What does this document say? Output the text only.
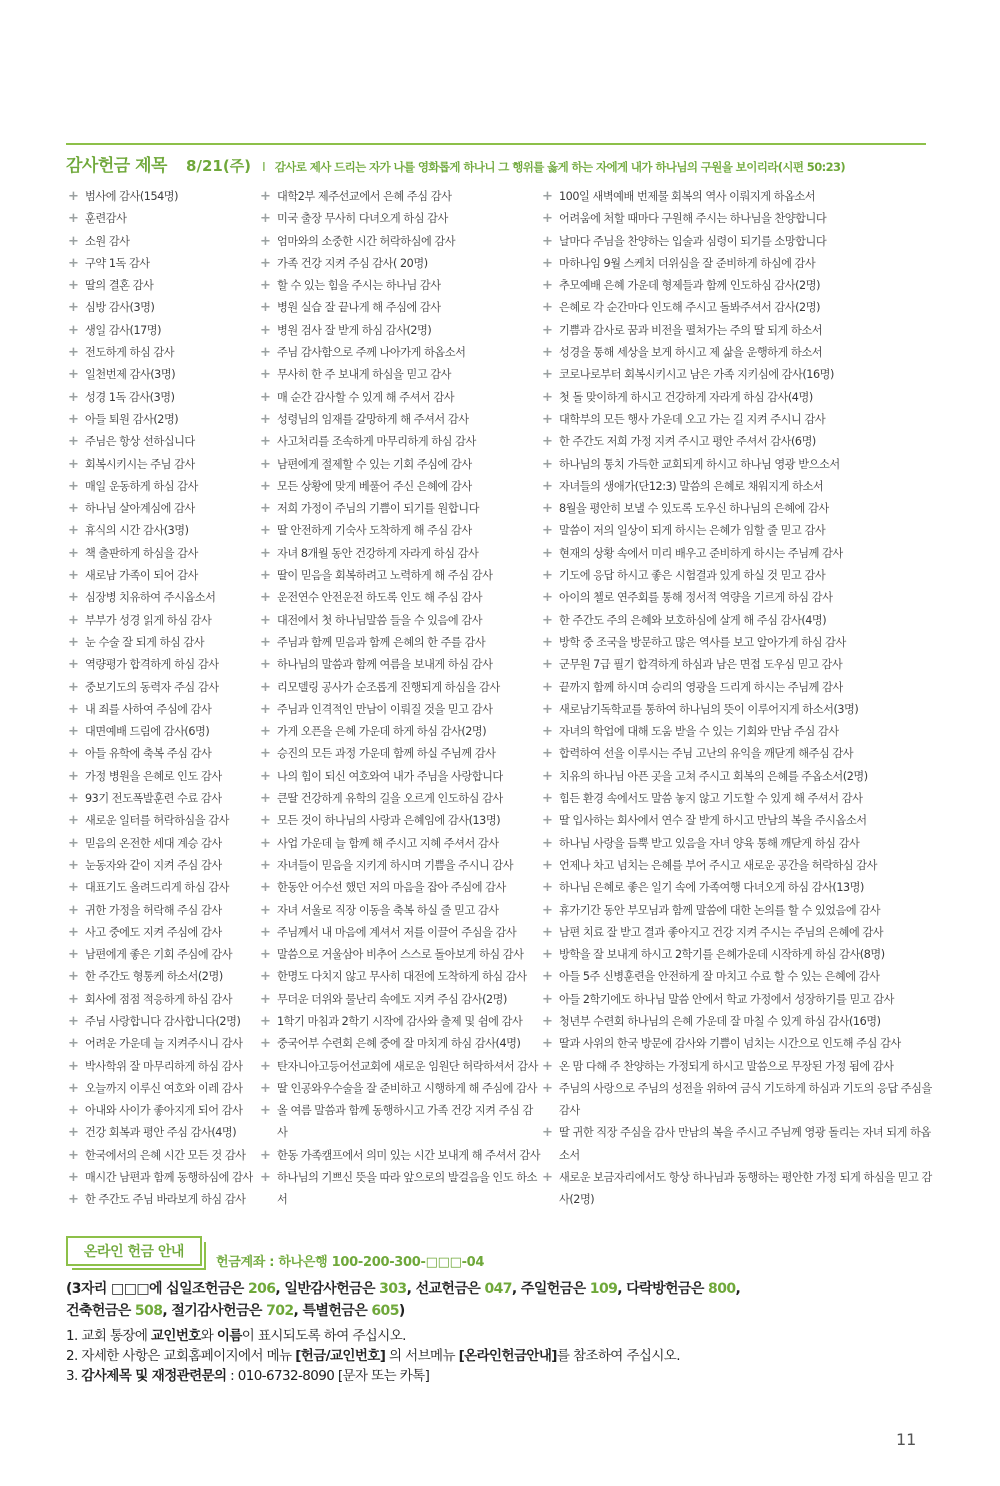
감사헌금 제목 8/21(주) I 감사로 제사 드리는 자가 나를 영화롭게 하나니 그 행위를 옳게 하는 자에게 내가 하나님의 구원을 보이리라(시편 50:23)
+ 범사에 감사(154명)
+ 훈련감사
+ 소원 감사
+ 구약 1독 감사
+ 딸의 결혼 감사
+ 심방 감사(3명)
+ 생일 감사(17명)
+ 전도하게 하심 감사
+ 일천번제 감사(3명)
+ 성경 1독 감사(3명)
+ 아들 퇴원 감사(2명)
+ 주님은 항상 선하십니다
+ 회복시키시는 주님 감사
+ 매일 운동하게 하심 감사
+ 하나님 살아계심에 감사
+ 휴식의 시간 감사(3명)
+ 책 출판하게 하심을 감사
+ 새로남 가족이 되어 감사
+ 심장병 치유하여 주시옵소서
+ 부부가 성경 읽게 하심 감사
+ 눈 수술 잘 되게 하심 감사
+ 역량평가 합격하게 하심 감사
+ 중보기도의 동력자 주심 감사
+ 내 죄를 사하여 주심에 감사
+ 대면예배 드림에 감사(6명)
+ 아들 유학에 축복 주심 감사
+ 가정 병원을 은혜로 인도 감사
+ 93기 전도폭발훈련 수료 감사
+ 새로운 일터를 허락하심을 감사
+ 믿음의 온전한 세대 계승 감사
+ 눈동자와 같이 지켜 주심 감사
+ 대표기도 올려드리게 하심 감사
+ 귀한 가정을 허락해 주심 감사
+ 사고 중에도 지켜 주심에 감사
+ 남편에게 좋은 기회 주심에 감사
+ 한 주간도 형통케 하소서(2명)
+ 회사에 점점 적응하게 하심 감사
+ 주님 사랑합니다 감사합니다(2명)
+ 어려운 가운데 늘 지켜주시니 감사
+ 박사학위 잘 마무리하게 하심 감사
+ 오늘까지 이루신 여호와 이레 감사
+ 아내와 사이가 좋아지게 되어 감사
+ 건강 회복과 평안 주심 감사(4명)
+ 한국에서의 은혜 시간 모든 것 감사
+ 매시간 남편과 함께 동행하심에 감사
+ 한 주간도 주님 바라보게 하심 감사
+ 대학2부 제주선교에서 은혜 주심 감사
+ 미국 출장 무사히 다녀오게 하심 감사
+ 엄마와의 소중한 시간 허락하심에 감사
+ 가족 건강 지켜 주심 감사( 20명)
+ 할 수 있는 힘을 주시는 하나님 감사
+ 병원 실습 잘 끝나게 해 주심에 감사
+ 병원 검사 잘 받게 하심 감사(2명)
+ 주님 감사함으로 주께 나아가게 하옵소서
+ 무사히 한 주 보내게 하심을 믿고 감사
+ 매 순간 감사할 수 있게 해 주셔서 감사
+ 성령님의 임재를 갈망하게 해 주셔서 감사
+ 사고처리를 조속하게 마무리하게 하심 감사
+ 남편에게 절제할 수 있는 기회 주심에 감사
+ 모든 상황에 맞게 베풀어 주신 은혜에 감사
+ 저희 가정이 주님의 기쁨이 되기를 원합니다
+ 딸 안전하게 기숙사 도착하게 해 주심 감사
+ 자녀 8개월 동안 건강하게 자라게 하심 감사
+ 딸이 믿음을 회복하려고 노력하게 해 주심 감사
+ 운전연수 안전운전 하도록 인도 해 주심 감사
+ 대전에서 첫 하나님말씀 들을 수 있음에 감사
+ 주님과 함께 믿음과 함께 은혜의 한 주를 감사
+ 하나님의 말씀과 함께 여름을 보내게 하심 감사
+ 리모델링 공사가 순조롭게 진행되게 하심을 감사
+ 주님과 인격적인 만남이 이뤄질 것을 믿고 감사
+ 가게 오픈을 은혜 가운데 하게 하심 감사(2명)
+ 승진의 모든 과정 가운데 함께 하실 주님께 감사
+ 나의 힘이 되신 여호와여 내가 주님을 사랑합니다
+ 큰딸 건강하게 유학의 길을 오르게 인도하심 감사
+ 모든 것이 하나님의 사랑과 은혜임에 감사(13명)
+ 사업 가운데 늘 함께 해 주시고 지혜 주셔서 감사
+ 자녀들이 믿음을 지키게 하시며 기쁨을 주시니 감사
+ 한동안 어수선 했던 저의 마음을 잡아 주심에 감사
+ 자녀 서울로 직장 이동을 축복 하실 줄 믿고 감사
+ 주님께서 내 마음에 계셔서 저를 이끌어 주심을 감사
+ 말씀으로 거울삼아 비추어 스스로 돌아보게 하심 감사
+ 한명도 다치지 않고 무사히 대전에 도착하게 하심 감사
+ 무더운 더위와 물난리 속에도 지켜 주심 감사(2명)
+ 1학기 마침과 2학기 시작에 감사와 출제 및 쉼에 감사
+ 중국어부 수련회 은혜 중에 잘 마치게 하심 감사(4명)
+ 탄자니아고등어선교회에 새로운 임원단 허락하셔서 감사
+ 딸 인공와우수술을 잘 준비하고 시행하게 해 주심에 감사
+ 올 여름 말씀과 함께 동행하시고 가족 건강 지켜 주심 감사
+ 한동 가족캠프에서 의미 있는 시간 보내게 해 주셔서 감사
+ 하나님의 기쁘신 뜻을 따라 앞으로의 발걸음을 인도 하소서
+ 100일 새벽예배 번제물 회복의 역사 이뤄지게 하옵소서
+ 어려움에 처할 때마다 구원해 주시는 하나님을 찬양합니다
+ 날마다 주님을 찬양하는 입술과 심령이 되기를 소망합니다
+ 마하나임 9월 스케치 더위심을 잘 준비하게 하심에 감사
+ 추모예배 은혜 가운데 형제들과 함께 인도하심 감사(2명)
+ 은혜로 각 순간마다 인도해 주시고 돌봐주셔서 감사(2명)
+ 기쁨과 감사로 꿈과 비전을 펼쳐가는 주의 딸 되게 하소서
+ 성경을 통해 세상을 보게 하시고 제 삶을 운행하게 하소서
+ 코로나로부터 회복시키시고 남은 가족 지키심에 감사(16명)
+ 첫 돌 맞이하게 하시고 건강하게 자라게 하심 감사(4명)
+ 대학부의 모든 행사 가운데 오고 가는 길 지켜 주시니 감사
+ 한 주간도 저희 가정 지켜 주시고 평안 주셔서 감사(6명)
+ 하나님의 통치 가득한 교회되게 하시고 하나님 영광 받으소서
+ 자녀들의 생애가(단12:3) 말씀의 은혜로 채워지게 하소서
+ 8월을 평안히 보낼 수 있도록 도우신 하나님의 은혜에 감사
+ 말씀이 저의 일상이 되게 하시는 은혜가 임할 줄 믿고 감사
+ 현재의 상황 속에서 미리 배우고 준비하게 하시는 주님께 감사
+ 기도에 응답 하시고 좋은 시험결과 있게 하실 것 믿고 감사
+ 아이의 첼로 연주회를 통해 정서적 역량을 기르게 하심 감사
+ 한 주간도 주의 은혜와 보호하심에 살게 해 주심 감사(4명)
+ 방학 중 조국을 방문하고 많은 역사를 보고 알아가게 하심 감사
+ 군무원 7급 필기 합격하게 하심과 남은 면접 도우심 믿고 감사
+ 끝까지 함께 하시며 승리의 영광을 드리게 하시는 주님께 감사
+ 새로남기독학교를 통하여 하나님의 뜻이 이루어지게 하소서(3명)
+ 자녀의 학업에 대해 도움 받을 수 있는 기회와 만남 주심 감사
+ 합력하여 선을 이루시는 주님 고난의 유익을 깨닫게 해주심 감사
+ 치유의 하나님 아픈 곳을 고쳐 주시고 회복의 은혜를 주옵소서(2명)
+ 힘든 환경 속에서도 말씀 놓지 않고 기도할 수 있게 해 주셔서 감사
+ 딸 입사하는 회사에서 연수 잘 받게 하시고 만남의 복을 주시옵소서
+ 하나님 사랑을 듬뿍 받고 있음을 자녀 양육 통해 깨닫게 하심 감사
+ 언제나 차고 넘치는 은혜를 부어 주시고 새로운 공간을 허락하심 감사
+ 하나님 은혜로 좋은 일기 속에 가족여행 다녀오게 하심 감사(13명)
+ 휴가기간 동안 부모님과 함께 말씀에 대한 논의를 할 수 있었음에 감사
+ 남편 치료 잘 받고 결과 좋아지고 건강 지켜 주시는 주님의 은혜에 감사
+ 방학을 잘 보내게 하시고 2학기를 은혜가운데 시작하게 하심 감사(8명)
+ 아들 5주 신병훈련을 안전하게 잘 마치고 수료 할 수 있는 은혜에 감사
+ 아들 2학기에도 하나님 말씀 안에서 학교 가정에서 성장하기를 믿고 감사
+ 청년부 수련회 하나님의 은혜 가운데 잘 마칠 수 있게 하심 감사(16명)
+ 딸과 사위의 한국 방문에 감사와 기쁨이 넘치는 시간으로 인도해 주심 감사
+ 온 맘 다해 주 찬양하는 가정되게 하시고 말씀으로 무장된 가정 됨에 감사
+ 주님의 사랑으로 주님의 성전을 위하여 금식 기도하게 하심과 기도의 응답 주심을 감사
+ 딸 귀한 직장 주심을 감사 만남의 복을 주시고 주님께 영광 돌리는 자녀 되게 하옵소서
+ 새로운 보금자리에서도 항상 하나님과 동행하는 평안한 가정 되게 하심을 믿고 감사(2명)
온라인 헌금 안내
헌금계좌 : 하나은행 100-200-300-□□□-04
(3자리 □□□에 십일조헌금은 206, 일반감사헌금은 303, 선교헌금은 047, 주일헌금은 109, 다락방헌금은 800,
건축헌금은 508, 절기감사헌금은 702, 특별헌금은 605)
1. 교회 통장에 교인번호와 이름이 표시되도록 하여 주십시오.
2. 자세한 사항은 교회홈페이지에서 메뉴 [헌금/교인번호] 의 서브메뉴 [온라인헌금안내]를 참조하여 주십시오.
3. 감사제목 및 재정관련문의 : 010-6732-8090 [문자 또는 카톡]
11
